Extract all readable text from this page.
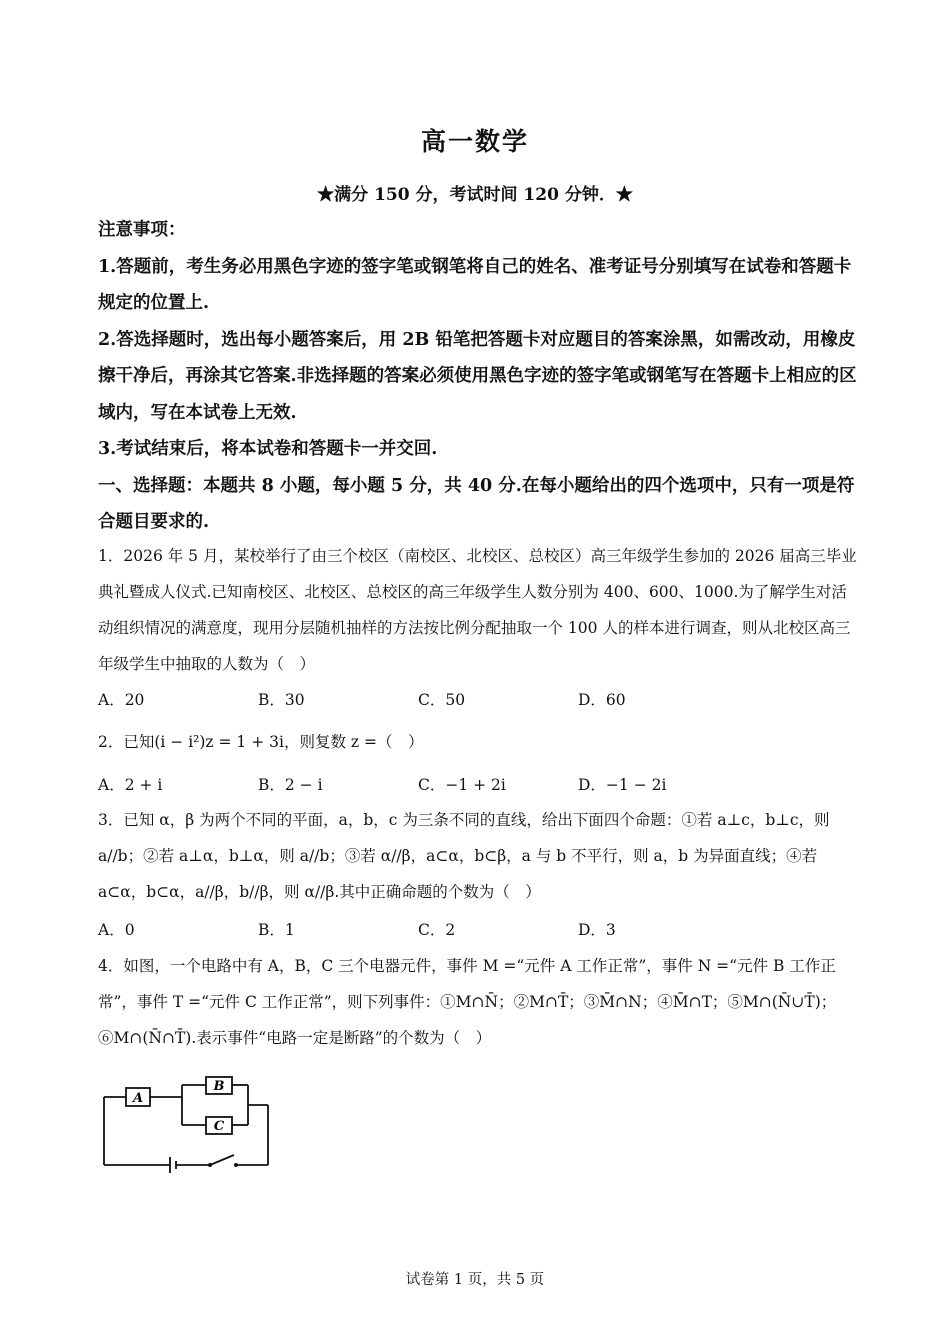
高一数学
★满分 150 分，考试时间 120 分钟．★

注意事项：

1.答题前，考生务必用黑色字迹的签字笔或钢笔将自己的姓名、准考证号分别填写在试卷和答题卡规定的位置上.

2.答选择题时，选出每小题答案后，用 2B 铅笔把答题卡对应题目的答案涂黑，如需改动，用橡皮擦干净后，再涂其它答案.非选择题的答案必须使用黑色字迹的签字笔或钢笔写在答题卡上相应的区域内，写在本试卷上无效.

3.考试结束后，将本试卷和答题卡一并交回.

一、选择题：本题共 8 小题，每小题 5 分，共 40 分.在每小题给出的四个选项中，只有一项是符合题目要求的.

1．2026 年 5 月，某校举行了由三个校区（南校区、北校区、总校区）高三年级学生参加的 2026 届高三毕业典礼暨成人仪式.已知南校区、北校区、总校区的高三年级学生人数分别为 400、600、1000.为了解学生对活动组织情况的满意度，现用分层随机抽样的方法按比例分配抽取一个 100 人的样本进行调查，则从北校区高三年级学生中抽取的人数为（　）
A．20	B．30	C．50	D．60
2．已知(i − i²)z = 1 + 3i，则复数 z =（　）
A．2 + i	B．2 − i	C．−1 + 2i	D．−1 − 2i
3．已知 α，β 为两个不同的平面，a，b，c 为三条不同的直线，给出下面四个命题：①若 a⊥c，b⊥c，则 a//b；②若 a⊥α，b⊥α，则 a//b；③若 α//β，a⊂α，b⊂β，a 与 b 不平行，则 a，b 为异面直线；④若 a⊂α，b⊂α，a//β，b//β，则 α//β.其中正确命题的个数为（　）
A．0	B．1	C．2	D．3
4．如图，一个电路中有 A，B，C 三个电器元件，事件 M =“元件 A 工作正常”，事件 N =“元件 B 工作正常”，事件 T =“元件 C 工作正常”，则下列事件：①M∩N̄；②M∩T̄；③M̄∩N；④M̄∩T；⑤M∩(N̄∪T̄)；⑥M∩(N̄∩T̄).表示事件“电路一定是断路”的个数为（　）
A
B
C
试卷第 1 页，共 5 页
